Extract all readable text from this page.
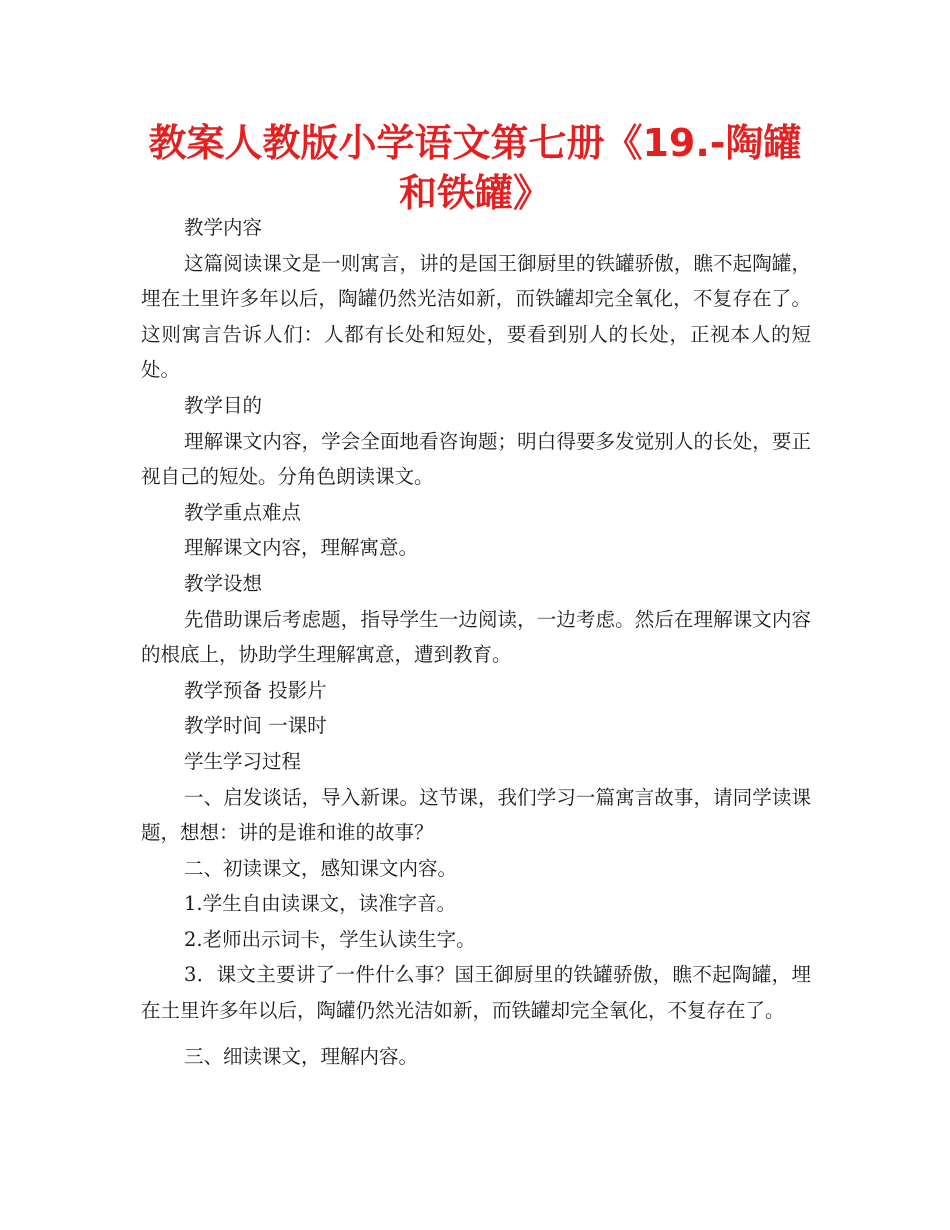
教案人教版小学语文第七册《19.-陶罐和铁罐》

教学内容

这篇阅读课文是一则寓言，讲的是国王御厨里的铁罐骄傲，瞧不起陶罐，埋在土里许多年以后，陶罐仍然光洁如新，而铁罐却完全氧化，不复存在了。这则寓言告诉人们：人都有长处和短处，要看到别人的长处，正视本人的短处。

教学目的

理解课文内容，学会全面地看咨询题；明白得要多发觉别人的长处，要正视自己的短处。分角色朗读课文。

教学重点难点

理解课文内容，理解寓意。

教学设想

先借助课后考虑题，指导学生一边阅读，一边考虑。然后在理解课文内容的根底上，协助学生理解寓意，遭到教育。

教学预备 投影片

教学时间 一课时

学生学习过程

一、启发谈话，导入新课。这节课，我们学习一篇寓言故事，请同学读课题，想想：讲的是谁和谁的故事？

二、初读课文，感知课文内容。

1.学生自由读课文，读准字音。

2.老师出示词卡，学生认读生字。

3．课文主要讲了一件什么事？国王御厨里的铁罐骄傲，瞧不起陶罐，埋在土里许多年以后，陶罐仍然光洁如新，而铁罐却完全氧化，不复存在了。

三、细读课文，理解内容。
